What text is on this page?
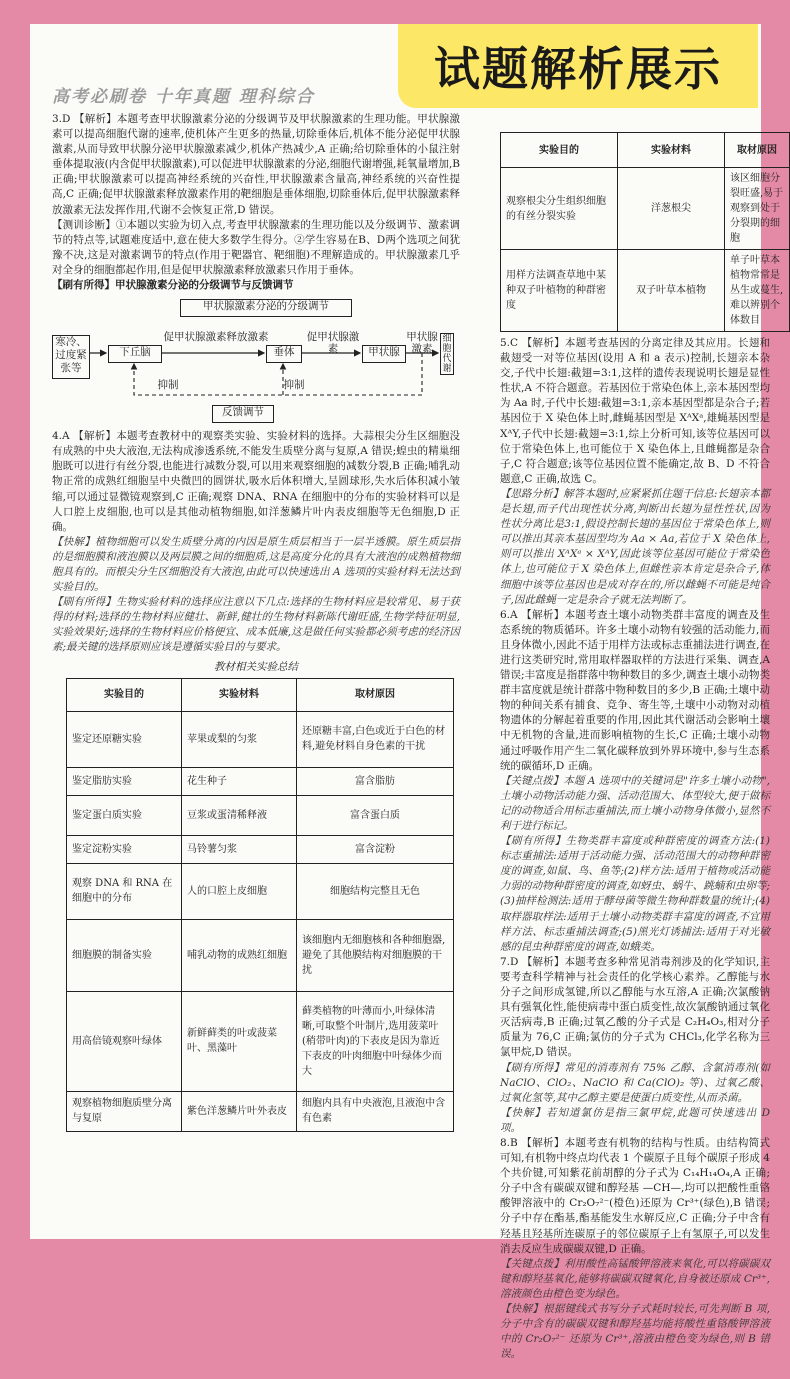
高考必刷卷 十年真题 理科综合

3.D 【解析】本题考查甲状腺激素分泌的分级调节及甲状腺激素的生理功能。甲状腺激素可以提高细胞代谢的速率,使机体产生更多的热量,切除垂体后,机体不能分泌促甲状腺激素,从而导致甲状腺分泌甲状腺激素减少,机体产热减少,A 正确;给切除垂体的小鼠注射垂体提取液(内含促甲状腺激素),可以促进甲状腺激素的分泌,细胞代谢增强,耗氧量增加,B 正确;甲状腺激素可以提高神经系统的兴奋性,甲状腺激素含量高,神经系统的兴奋性提高,C 正确;促甲状腺激素释放激素作用的靶细胞是垂体细胞,切除垂体后,促甲状腺激素释放激素无法发挥作用,代谢不会恢复正常,D 错误。

【测训诊断】①本题以实验为切入点,考查甲状腺激素的生理功能以及分级调节、激素调节的特点等,试题难度适中,意在使大多数学生得分。②学生容易在B、D两个选项之间犹豫不决,这是对激素调节的特点(作用于靶器官、靶细胞)不理解造成的。甲状腺激素几乎对全身的细胞都起作用,但是促甲状腺激素释放激素只作用于垂体。

【刷有所得】甲状腺激素分泌的分级调节与反馈调节

甲状腺激素分泌的分级调节
寒冷、过度紧张等
下丘脑
促甲状腺激素释放激素
垂体
促甲状腺激素	甲状腺
甲状腺激素
细胞代谢
抑制	抑制
反馈调节

4.A 【解析】本题考查教材中的观察类实验、实验材料的选择。大蒜根尖分生区细胞没有成熟的中央大液泡,无法构成渗透系统,不能发生质壁分离与复原,A 错误;蝗虫的精巢细胞既可以进行有丝分裂,也能进行减数分裂,可以用来观察细胞的减数分裂,B 正确;哺乳动物正常的成熟红细胞呈中央微凹的圆饼状,吸水后体积增大,呈圆球形,失水后体积减小皱缩,可以通过显微镜观察到,C 正确;观察 DNA、RNA 在细胞中的分布的实验材料可以是人口腔上皮细胞,也可以是其他动植物细胞,如洋葱鳞片叶内表皮细胞等无色细胞,D 正确。

【快解】植物细胞可以发生质壁分离的内因是原生质层相当于一层半透膜。原生质层指的是细胞膜和液泡膜以及两层膜之间的细胞质,这是高度分化的具有大液泡的成熟植物细胞具有的。而根尖分生区细胞没有大液泡,由此可以快速选出 A 选项的实验材料无法达到实验目的。

【刷有所得】生物实验材料的选择应注意以下几点:选择的生物材料应是较常见、易于获得的材料;选择的生物材料应健壮、新鲜,健壮的生物材料新陈代谢旺盛,生物学特征明显,实验效果好;选择的生物材料应价格便宜、成本低廉,这是做任何实验都必须考虑的经济因素;最关键的选择原则应该是遵循实验目的与要求。

教材相关实验总结
实验目的	实验材料	取材原因
鉴定还原糖实验	苹果或梨的匀浆	还原糖丰富,白色或近于白色的材料,避免材料自身色素的干扰
鉴定脂肪实验	花生种子	富含脂肪
鉴定蛋白质实验	豆浆或蛋清稀释液	富含蛋白质
鉴定淀粉实验	马铃薯匀浆	富含淀粉
观察 DNA 和 RNA 在细胞中的分布	人的口腔上皮细胞	细胞结构完整且无色
细胞膜的制备实验	哺乳动物的成熟红细胞	该细胞内无细胞核和各种细胞器,避免了其他膜结构对细胞膜的干扰
用高倍镜观察叶绿体	新鲜藓类的叶或菠菜叶、黑藻叶	藓类植物的叶薄而小,叶绿体清晰,可取整个叶制片,选用菠菜叶(稍带叶肉)的下表皮是因为靠近下表皮的叶肉细胞中叶绿体少而大
观察植物细胞质壁分离与复原	紫色洋葱鳞片叶外表皮	细胞内具有中央液泡,且液泡中含有色素
实验目的	实验材料	取材原因
观察根尖分生组织细胞的有丝分裂实验	洋葱根尖	该区细胞分裂旺盛,易于观察到处于分裂期的细胞
用样方法调查草地中某种双子叶植物的种群密度	双子叶草本植物	单子叶草本植物常常是丛生或蔓生,难以辨别个体数目

5.C 【解析】本题考查基因的分离定律及其应用。长翅和截翅受一对等位基因(设用 A 和 a 表示)控制,长翅亲本杂交,子代中长翅:截翅=3:1,这样的遗传表现说明长翅是显性性状,A 不符合题意。若基因位于常染色体上,亲本基因型均为 Aa 时,子代中长翅:截翅=3:1,亲本基因型都是杂合子;若基因位于 X 染色体上时,雌蝇基因型是 XᴬXᵃ,雄蝇基因型是 XᴬY,子代中长翅:截翅=3:1,综上分析可知,该等位基因可以位于常染色体上,也可能位于 X 染色体上,且雌蝇都是杂合子,C 符合题意;该等位基因位置不能确定,故 B、D 不符合题意,C 正确,故选 C。

【思路分析】解答本题时,应紧紧抓住题干信息:长翅亲本都是长翅,而子代出现性状分离,判断出长翅为显性性状,因为性状分离比是3:1,假设控制长翅的基因位于常染色体上,则可以推出其亲本基因型均为 Aa × Aa,若位于 X 染色体上,则可以推出 XᴬXᵃ × XᴬY,因此该等位基因可能位于常染色体上,也可能位于 X 染色体上,但雌性亲本肯定是杂合子,体细胞中该等位基因也是成对存在的,所以雌蝇不可能是纯合子,因此雌蝇一定是杂合子就无法判断了。

6.A 【解析】本题考查土壤小动物类群丰富度的调查及生态系统的物质循环。许多土壤小动物有较强的活动能力,而且身体微小,因此不适于用样方法或标志重捕法进行调查,在进行这类研究时,常用取样器取样的方法进行采集、调查,A 错误;丰富度是指群落中物种数目的多少,调查土壤小动物类群丰富度就是统计群落中物种数目的多少,B 正确;土壤中动物的种间关系有捕食、竞争、寄生等,土壤中小动物对动植物遗体的分解起着重要的作用,因此其代谢活动会影响土壤中无机物的含量,进而影响植物的生长,C 正确;土壤小动物通过呼吸作用产生二氧化碳释放到外界环境中,参与生态系统的碳循环,D 正确。

【关键点拨】本题 A 选项中的关键词是"许多土壤小动物",土壤小动物活动能力强、活动范围大、体型较大,便于做标记的动物适合用标志重捕法,而土壤小动物身体微小,显然不利于进行标记。

【刷有所得】生物类群丰富度或种群密度的调查方法:(1)标志重捕法:适用于活动能力强、活动范围大的动物种群密度的调查,如鼠、鸟、鱼等;(2)样方法:适用于植物或活动能力弱的动物种群密度的调查,如蚜虫、蜗牛、跳蝻和虫卵等;(3)抽样检测法:适用于酵母菌等微生物种群数量的统计;(4)取样器取样法:适用于土壤小动物类群丰富度的调查,不宜用样方法、标志重捕法调查;(5)黑光灯诱捕法:适用于对光敏感的昆虫种群密度的调查,如蛾类。

7.D 【解析】本题考查多种常见消毒剂涉及的化学知识,主要考查科学精神与社会责任的化学核心素养。乙醇能与水分子之间形成氢键,所以乙醇能与水互溶,A 正确;次氯酸钠具有强氧化性,能使病毒中蛋白质变性,故次氯酸钠通过氧化灭活病毒,B 正确;过氧乙酸的分子式是 C₂H₄O₃,相对分子质量为 76,C 正确;氯仿的分子式为 CHCl₃,化学名称为三氯甲烷,D 错误。

【刷有所得】常见的消毒剂有 75% 乙醇、含氯消毒剂(如 NaClO、ClO₂、NaClO 和 Ca(ClO)₂ 等)、过氧乙酸、过氧化氢等,其中乙醇主要是使蛋白质变性,从而杀菌。

【快解】若知道氯仿是指三氯甲烷,此题可快速选出 D 项。

8.B 【解析】本题考查有机物的结构与性质。由结构简式可知,有机物中终点均代表 1 个碳原子且每个碳原子形成 4 个共价键,可知紫花前胡醇的分子式为 C₁₄H₁₄O₄,A 正确;分子中含有碳碳双键和醇羟基 —CH—,均可以把酸性重铬酸钾溶液中的 Cr₂O₇²⁻(橙色)还原为 Cr³⁺(绿色),B 错误;分子中存在酯基,酯基能发生水解反应,C 正确;分子中含有羟基且羟基所连碳原子的邻位碳原子上有氢原子,可以发生消去反应生成碳碳双键,D 正确。

【关键点拨】利用酸性高锰酸钾溶液来氧化,可以将碳碳双键和醇羟基氧化,能够将碳碳双键氧化,自身被还原成 Cr³⁺,溶液颜色由橙色变为绿色。

【快解】根据键线式书写分子式耗时较长,可先判断 B 项,分子中含有的碳碳双键和醇羟基均能将酸性重铬酸钾溶液中的 Cr₂O₇²⁻ 还原为 Cr³⁺,溶液由橙色变为绿色,则 B 错误。

试题解析展示
